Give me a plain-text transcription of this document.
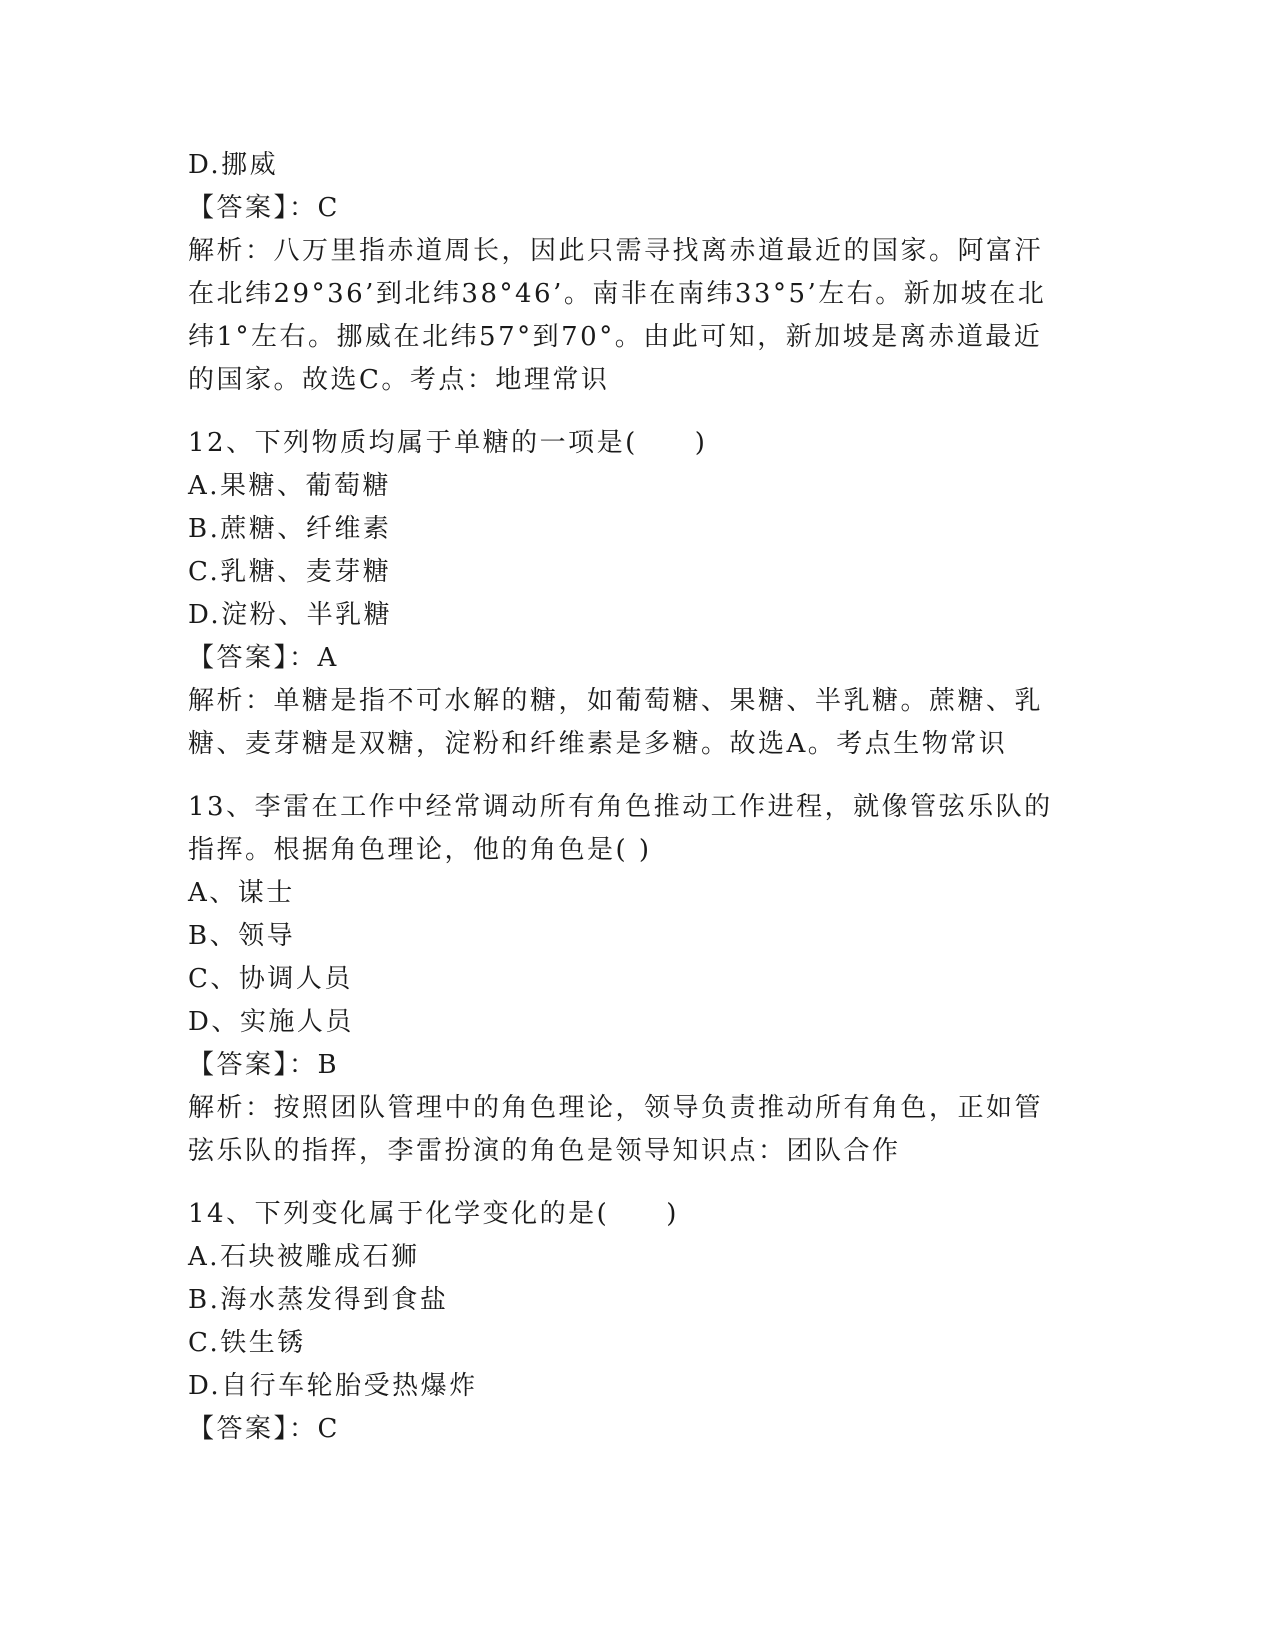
D.挪威
【答案】：C
解析：八万里指赤道周长，因此只需寻找离赤道最近的国家。阿富汗在北纬29°36’到北纬38°46’。南非在南纬33°5’左右。新加坡在北纬1°左右。挪威在北纬57°到70°。由此可知，新加坡是离赤道最近的国家。故选C。考点：地理常识
12、下列物质均属于单糖的一项是(　　)
A.果糖、葡萄糖
B.蔗糖、纤维素
C.乳糖、麦芽糖
D.淀粉、半乳糖
【答案】：A
解析：单糖是指不可水解的糖，如葡萄糖、果糖、半乳糖。蔗糖、乳糖、麦芽糖是双糖，淀粉和纤维素是多糖。故选A。考点生物常识
13、李雷在工作中经常调动所有角色推动工作进程，就像管弦乐队的指挥。根据角色理论，他的角色是( )
A、谋士
B、领导
C、协调人员
D、实施人员
【答案】：B
解析：按照团队管理中的角色理论，领导负责推动所有角色，正如管弦乐队的指挥，李雷扮演的角色是领导知识点：团队合作
14、下列变化属于化学变化的是(　　)
A.石块被雕成石狮
B.海水蒸发得到食盐
C.铁生锈
D.自行车轮胎受热爆炸
【答案】：C
